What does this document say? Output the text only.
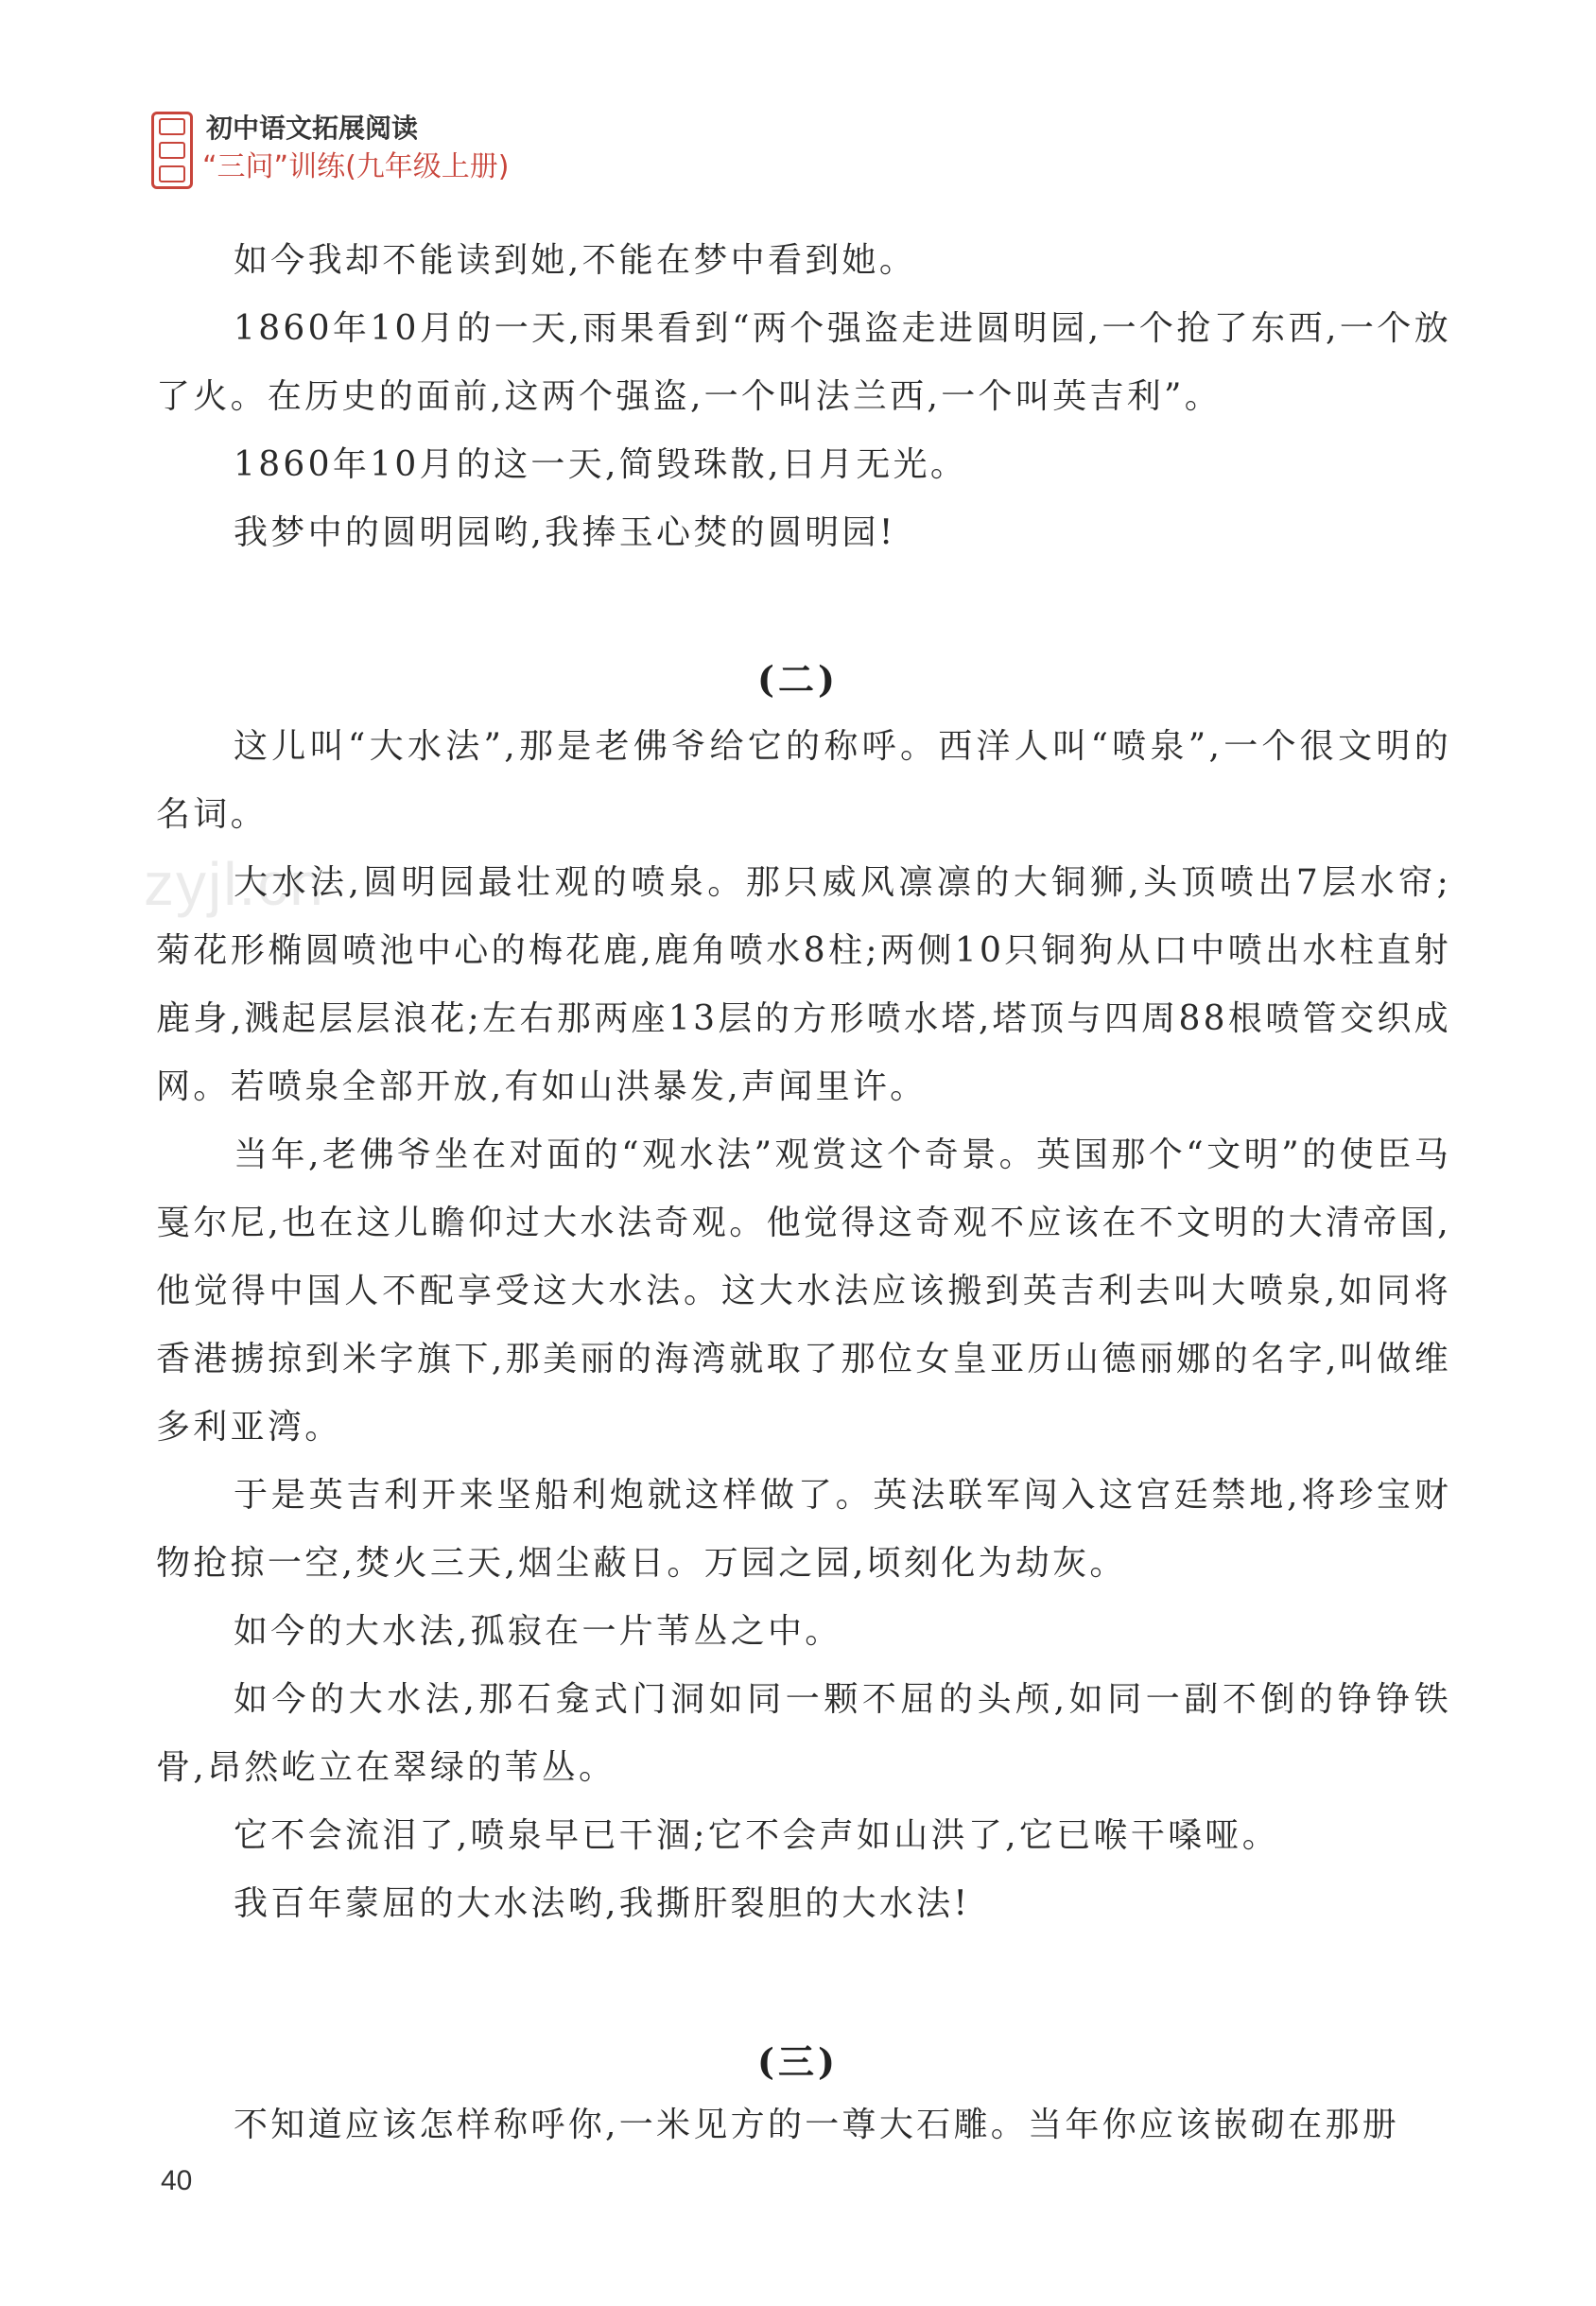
初中语文拓展阅读
“三问”训练(九年级上册)

如今我却不能读到她,不能在梦中看到她。

1860年10月的一天,雨果看到“两个强盗走进圆明园,一个抢了东西,一个放了火。在历史的面前,这两个强盗,一个叫法兰西,一个叫英吉利”。

1860年10月的这一天,简毁珠散,日月无光。

我梦中的圆明园哟,我捧玉心焚的圆明园!

(二)
zyjl.cn

这儿叫“大水法”,那是老佛爷给它的称呼。西洋人叫“喷泉”,一个很文明的名词。

大水法,圆明园最壮观的喷泉。那只威风凛凛的大铜狮,头顶喷出7层水帘;菊花形椭圆喷池中心的梅花鹿,鹿角喷水8柱;两侧10只铜狗从口中喷出水柱直射鹿身,溅起层层浪花;左右那两座13层的方形喷水塔,塔顶与四周88根喷管交织成网。若喷泉全部开放,有如山洪暴发,声闻里许。

当年,老佛爷坐在对面的“观水法”观赏这个奇景。英国那个“文明”的使臣马戛尔尼,也在这儿瞻仰过大水法奇观。他觉得这奇观不应该在不文明的大清帝国,他觉得中国人不配享受这大水法。这大水法应该搬到英吉利去叫大喷泉,如同将香港掳掠到米字旗下,那美丽的海湾就取了那位女皇亚历山德丽娜的名字,叫做维多利亚湾。

于是英吉利开来坚船利炮就这样做了。英法联军闯入这宫廷禁地,将珍宝财物抢掠一空,焚火三天,烟尘蔽日。万园之园,顷刻化为劫灰。

如今的大水法,孤寂在一片苇丛之中。

如今的大水法,那石龛式门洞如同一颗不屈的头颅,如同一副不倒的铮铮铁骨,昂然屹立在翠绿的苇丛。

它不会流泪了,喷泉早已干涸;它不会声如山洪了,它已喉干嗓哑。

我百年蒙屈的大水法哟,我撕肝裂胆的大水法!

(三)

不知道应该怎样称呼你,一米见方的一尊大石雕。当年你应该嵌砌在那册

40
